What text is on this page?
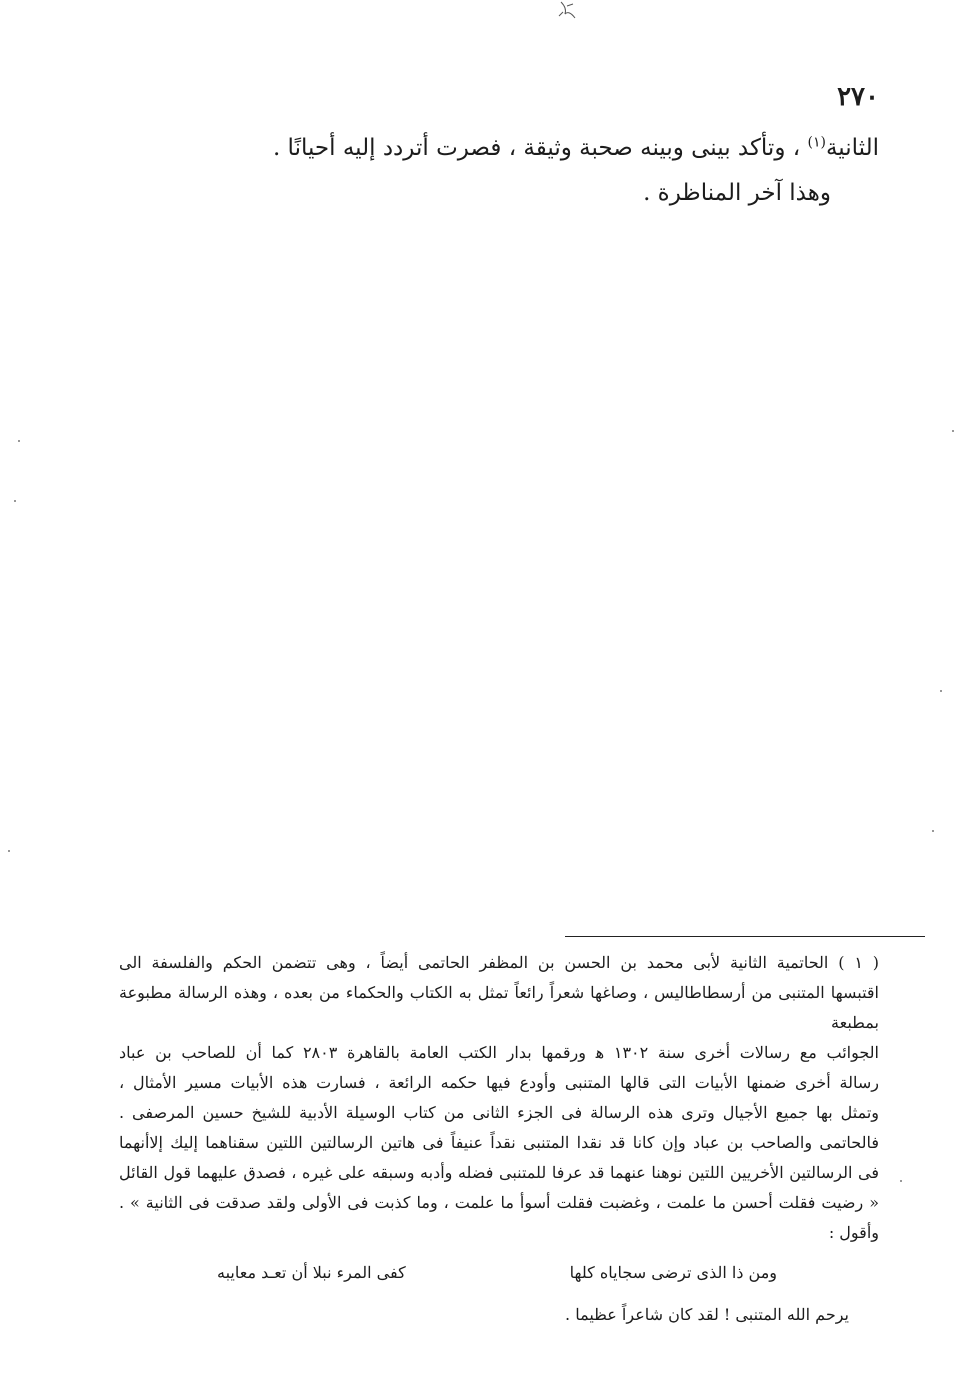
٢٧٠

الثانية$^{(١)}$ ، وتأكد بينى وبينه صحبة وثيقة ، فصرت أتردد إليه أحيانًا .

وهذا آخر المناظرة .

( ١ ) الحاتمية الثانية لأبى محمد بن الحسن بن المظفر الحاتمى أيضاً ، وهى تتضمن الحكم والفلسفة الى
اقتبسها المتنبى من أرسطاطاليس ، وصاغها شعراً رائعاً تمثل به الكتاب والحكماء من بعده ، وهذه الرسالة مطبوعة بمطبعة
الجوائب مع رسالات أخرى سنة ١٣٠٢ ﻫ ورقمها بدار الكتب العامة بالقاهرة ٢٨٠٣ كما أن للصاحب بن عباد
رسالة أخرى ضمنها الأبيات التى قالها المتنبى وأودع فيها حكمه الرائعة ، فسارت هذه الأبيات مسير الأمثال ،
وتمثل بها جميع الأجيال وترى هذه الرسالة فى الجزء الثانى من كتاب الوسيلة الأدبية للشيخ حسين المرصفى .
فالحاتمى والصاحب بن عباد وإن كانا قد نقدا المتنبى نقداً عنيفاً فى هاتين الرسالتين اللتين سقناهما إليك إلاأنهما
فى الرسالتين الأخريين اللتين نوهنا عنهما قد عرفا للمتنبى فضله وأدبه وسبقه على غيره ، فصدق عليهما قول القائل
« رضيت فقلت أحسن ما علمت ، وغضبت فقلت أسوأ ما علمت ، وما كذبت فى الأولى ولقد صدقت فى الثانية » .
وأقول :
ومن ذا الذى ترضى سجاياه كلها
كفى المرء نبلا أن تعـد معايبه
يرحم الله المتنبى ! لقد كان شاعراً عظيما .
